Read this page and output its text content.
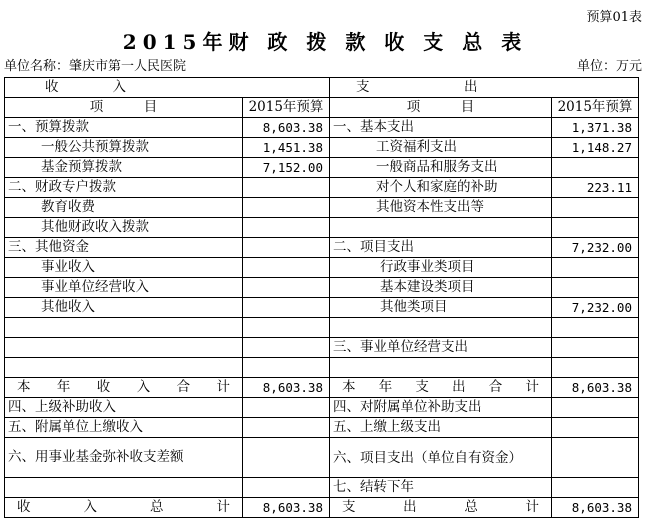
预算01表
2015年财 政 拨 款 收 支 总 表
单位名称：肇庆市第一人民医院	单位：万元
收　　　　入		支　　　　　　　出	
项　　　目	2015年预算	项　　　目	2015年预算
一、预算拨款	8,603.38	一、基本支出	1,371.38
一般公共预算拨款	1,451.38	工资福利支出	1,148.27
基金预算拨款	7,152.00	一般商品和服务支出	
二、财政专户拨款		对个人和家庭的补助	223.11
教育收费		其他资本性支出等	
其他财政收入拨款			
三、其他资金		二、项目支出	7,232.00
事业收入		行政事业类项目	
事业单位经营收入		基本建设类项目	
其他收入		其他类项目	7,232.00

		三、事业单位经营支出	

本年收入合计	8,603.38	本年支出合计	8,603.38
四、上级补助收入		四、对附属单位补助支出	
五、附属单位上缴收入		五、上缴上级支出	
六、用事业基金弥补收支差额		六、项目支出（单位自有资金）	
		七、结转下年	
收入总计	8,603.38	支出总计	8,603.38
